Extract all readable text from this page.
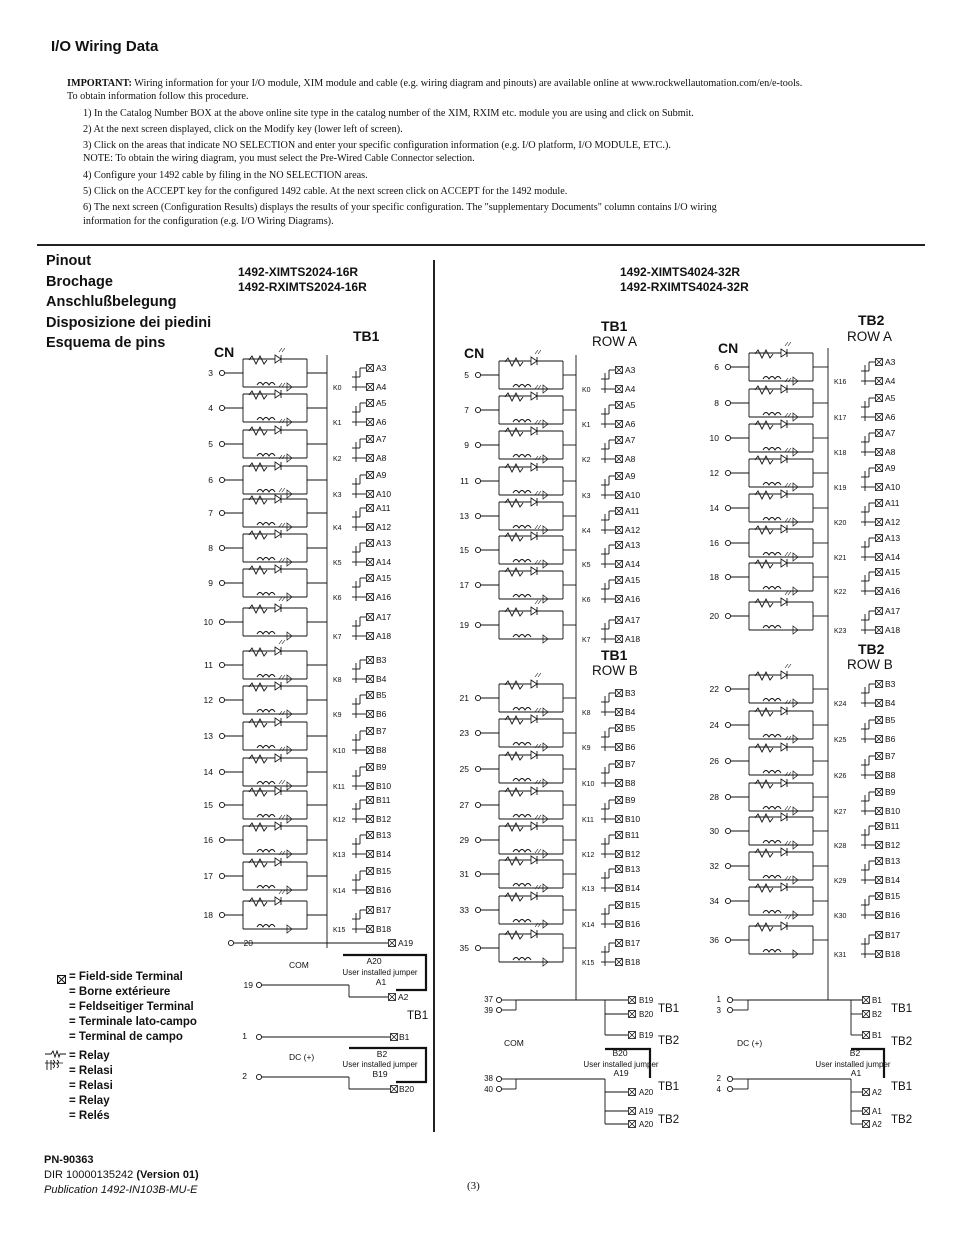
I/O Wiring Data
IMPORTANT: Wiring information for your I/O module, XIM module and cable (e.g. wiring diagram and pinouts) are available online at www.rockwellautomation.com/en/e-tools.
To obtain information follow this procedure.
1) In the Catalog Number BOX at the above online site type in the catalog number of the XIM, RXIM etc. module you are using and click on Submit.
2) At the next screen displayed, click on the Modify key (lower left of screen).
3) Click on the areas that indicate NO SELECTION and enter your specific configuration information (e.g. I/O platform, I/O MODULE, ETC.).
NOTE: To obtain the wiring diagram, you must select the Pre-Wired Cable Connector selection.
4) Configure your 1492 cable by filing in the NO SELECTION areas.
5) Click on the ACCEPT key for the configured 1492 cable. At the next screen click on ACCEPT for the 1492 module.
6) The next screen (Configuration Results) displays the results of your specific configuration. The "supplementary Documents" column contains I/O wiring
information for the configuration (e.g. I/O Wiring Diagrams).
Pinout
Brochage
Anschlußbelegung
Disposizione dei piedini
Esquema de pins
1492-XIMTS2024-16R
1492-RXIMTS2024-16R
1492-XIMTS4024-32R
1492-RXIMTS4024-32R
CN
TB1
CN
TB1
ROW A	CN
TB2
ROW A
TB1
ROW B
TB2
ROW B
3
K0
A3
A4
4
K1
A5
A6
5
K2
A7
A8
6
K3
A9
A10
7
K4
A11
A12
8
K5
A13
A14
9
K6
A15
A16
10
K7
A17
A18
11
K8
B3
B4
12
K9
B5
B6
13
K10
B7
B8
14
K11
B9
B10
15
K12
B11
B12
16
K13
B13
B14
17
K14
B15
B16
18
K15
B17
B18
20	A19
19
A2
COM	A20
User installed jumper
A1
TB1
1	B1
2
B20
DC (+)	B2
User installed jumper
B19
5
K0
A3
A4
7
K1
A5
A6
9
K2
A7
A8
11
K3
A9
A10
13
K4
A11
A12
15
K5
A13
A14
17
K6
A15
A16
19
K7
A17
A18
21
K8
B3
B4
23
K9
B5
B6
25
K10
B7
B8
27
K11
B9
B10
29
K12
B11
B12
31
K13
B13
B14
33
K14
B15
B16
35
K15
B17
B18
6
K16
A3
A4
8
K17
A5
A6
10
K18
A7
A8
12
K19
A9
A10
14
K20
A11
A12
16
K21
A13
A14
18
K22
A15
A16
20
K23
A17
A18
22
K24
B3
B4
24
K25
B5
B6
26
K26
B7
B8
28
K27
B9
B10
30
K28
B11
B12
32
K29
B13
B14
34
K30
B15
B16
36
K31
B17
B18
37
39
B19
B20
B19
TB1
TB2
COM
B20
User installed jumper
A19
38
40	A20
A19
A20
TB1
TB2
1
3
B1
B2
B1
TB1
TB2
DC (+)
B2
User installed jumper
A1
2
4	A2
A1
A2
TB1
TB2
= Field-side Terminal
= Borne extérieure
= Feldseitiger Terminal
= Terminale lato-campo
= Terminal de campo
= Relay
= Relasi
= Relasi
= Relay
= Relés
PN-90363
DIR 10000135242 (Version 01)
Publication 1492-IN103B-MU-E	(3)
